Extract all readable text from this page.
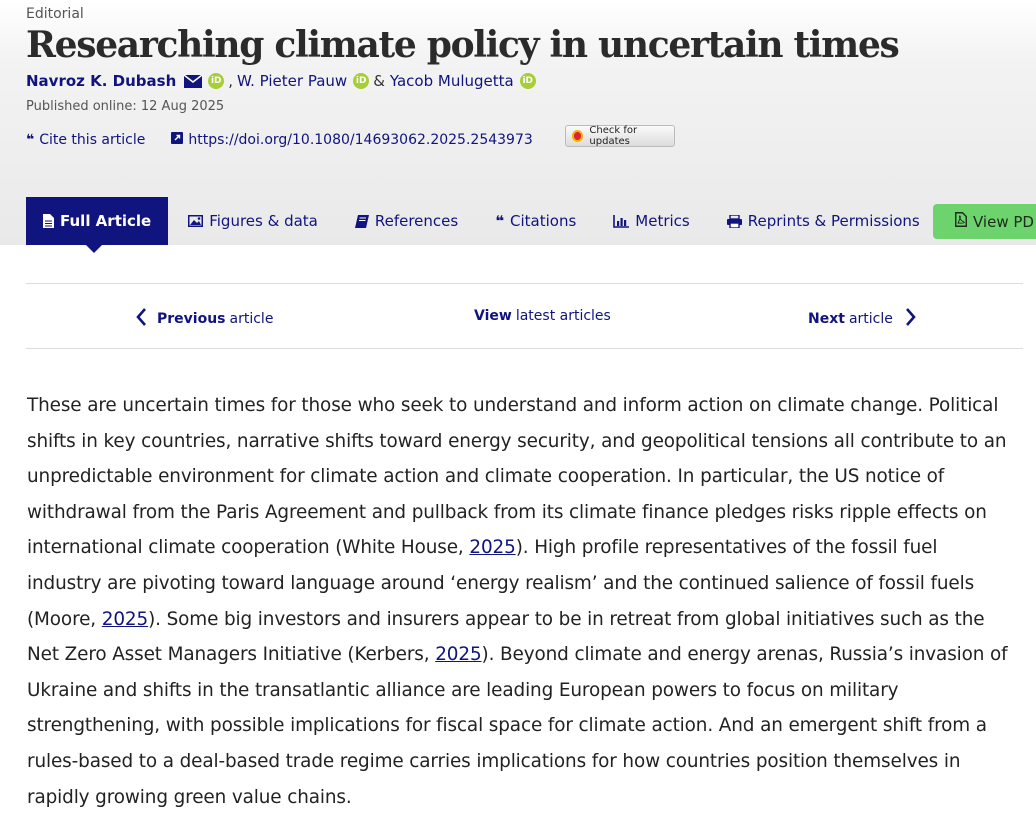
Editorial
Researching climate policy in uncertain times
Navroz K. Dubash	iD , W. Pieter Pauw iD & Yacob Mulugetta iD
Published online: 12 Aug 2025
❝ Cite this article	https://doi.org/10.1080/14693062.2025.2543973
Check for updates
Full Article	Figures & data	References ❝ Citations	Metrics	Reprints & Permissions	View PD
Previous article	View latest articles	Next article
These are uncertain times for those who seek to understand and inform action on climate change. Political
shifts in key countries, narrative shifts toward energy security, and geopolitical tensions all contribute to an
unpredictable environment for climate action and climate cooperation. In particular, the US notice of
withdrawal from the Paris Agreement and pullback from its climate finance pledges risks ripple effects on
international climate cooperation (White House, 2025). High profile representatives of the fossil fuel
industry are pivoting toward language around ‘energy realism’ and the continued salience of fossil fuels
(Moore, 2025). Some big investors and insurers appear to be in retreat from global initiatives such as the
Net Zero Asset Managers Initiative (Kerbers, 2025). Beyond climate and energy arenas, Russia’s invasion of
Ukraine and shifts in the transatlantic alliance are leading European powers to focus on military
strengthening, with possible implications for fiscal space for climate action. And an emergent shift from a
rules-based to a deal-based trade regime carries implications for how countries position themselves in
rapidly growing green value chains.
